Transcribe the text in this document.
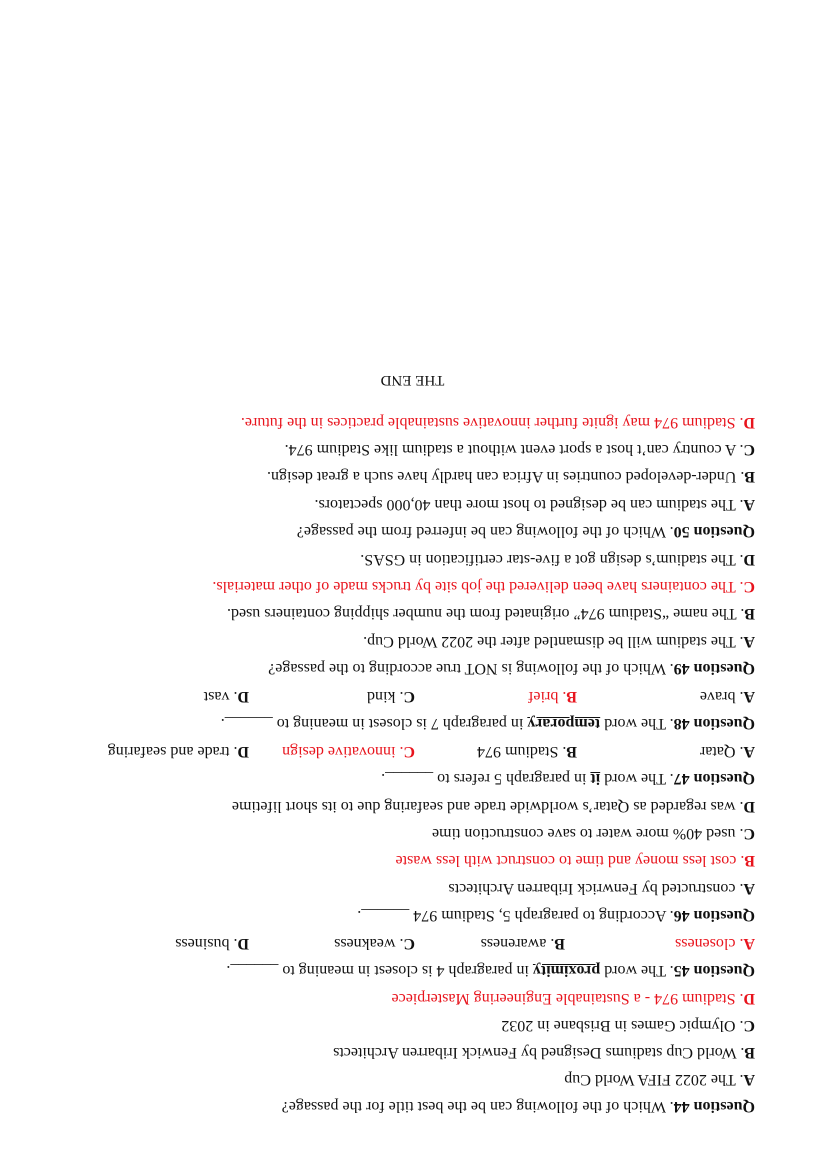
Question 44. Which of the following can be the best title for the passage?
A. The 2022 FIFA World Cup
B. World Cup stadiums Designed by Fenwick Iribarren Architects
C. Olympic Games in Brisbane in 2032
D. Stadium 974 - a Sustainable Engineering Masterpiece
Question 45. The word proximity in paragraph 4 is closest in meaning to ______.
A. closeness
B. awareness
C. weakness
D. business
Question 46. According to paragraph 5, Stadium 974 ______.
A. constructed by Fenwrick Iribarren Architects
B. cost less money and time to construct with less waste
C. used 40% more water to save construction time
D. was regarded as Qatar’s worldwide trade and seafaring due to its short lifetime
Question 47. The word it in paragraph 5 refers to ______.
A. Qatar
B. Stadium 974
C. innovative design
D. trade and seafaring
Question 48. The word temporary in paragraph 7 is closest in meaning to ______.
A. brave
B. brief
C. kind
D. vast
Question 49. Which of the following is NOT true according to the passage?
A. The stadium will be dismantled after the 2022 World Cup.
B. The name “Stadium 974” originated from the number shipping containers used.
C. The containers have been delivered the job site by trucks made of other materials.
D. The stadium’s design got a five-star certification in GSAS.
Question 50. Which of the following can be inferred from the passage?
A. The stadium can be designed to host more than 40,000 spectators.
B. Under-developed countries in Africa can hardly have such a great design.
C. A country can’t host a sport event without a stadium like Stadium 974.
D. Stadium 974 may ignite further innovative sustainable practices in the future.
THE END
